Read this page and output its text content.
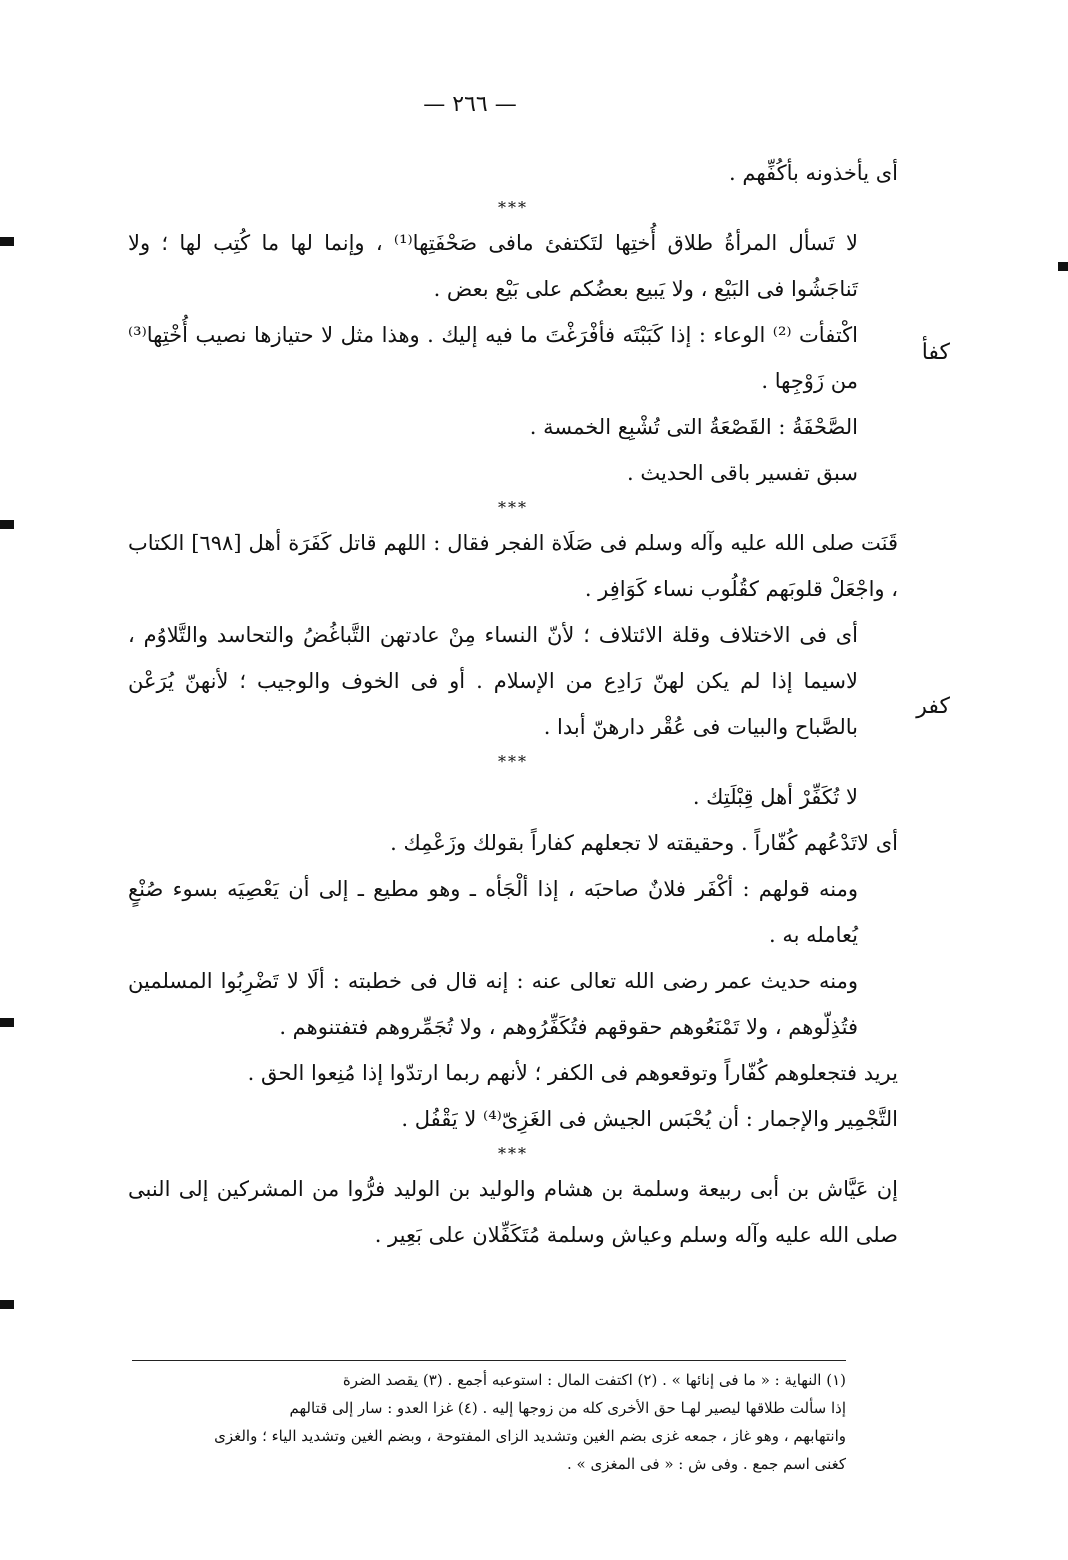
— ٢٦٦ —
كفأ
كفر

أى يأخذونه بأكُفِّهم .

***

لا تَسأل المرأةُ طلاق أُختِها لتَكتفئ مافى صَحْفَتِها⁽¹⁾ ، وإنما لها ما كُتِب لها ؛ ولا تَناجَشُوا فى البَيْع ، ولا يَبيع بعضُكم على بَيْع بعض .

اكْتفأت ⁽²⁾ الوعاء : إذا كَبَبْتَه فأفْرَغْتَ ما فيه إليك . وهذا مثل لا حتيازها نصيب أُخْتِها⁽³⁾ من زَوْجِها .

الصَّحْفَةُ : القَصْعَةُ التى تُشْبِع الخمسة .

سبق تفسير باقى الحديث .

***

قَنَت صلى الله عليه وآله وسلم فى صَلَاة الفجر فقال : اللهم قاتل كَفَرَة أهل [٦٩٨] الكتاب ، واجْعَلْ قلوبَهم كقُلُوب نساء كَوَافِر .

أى فى الاختلاف وقلة الائتلاف ؛ لأنّ النساء مِنْ عادتهن التَّباغُضُ والتحاسد والتَّلاوُم ، لاسيما إذا لم يكن لهنّ رَادِع من الإسلام . أو فى الخوف والوجيب ؛ لأنهنّ يُرَعْن بالصَّباح والبيات فى عُقْر دارهنّ أبدا .

***

لا تُكَفِّرْ أهل قِبْلَتِك .

أى لاتَدْعُهم كُفّاراً . وحقيقته لا تجعلهم كفاراً بقولك وزَعْمِك .

ومنه قولهم : أكْفَر فلانٌ صاحبَه ، إذا ألْجَأه ـ وهو مطيع ـ إلى أن يَعْصِيَه بسوء صُنْعٍ يُعامله به .

ومنه حديث عمر رضى الله تعالى عنه : إنه قال فى خطبته : ألَا لا تَضْرِبُوا المسلمين فتُذِلّوهم ، ولا تَمْنَعُوهم حقوقهم فتُكَفِّرُوهم ، ولا تُجَمِّروهم فتفتنوهم .

يريد فتجعلوهم كُفّاراً وتوقعوهم فى الكفر ؛ لأنهم ربما ارتدّوا إذا مُنِعوا الحق .

التَّجْمِير والإجمار : أن يُحْبَس الجيش فى الغَزِىّ⁽⁴⁾ لا يَقْفُل .

***

إن عَيَّاش بن أبى ربيعة وسلمة بن هشام والوليد بن الوليد فرُّوا من المشركين إلى النبى صلى الله عليه وآله وسلم وعياش وسلمة مُتَكَفِّلان على بَعِير .

(١) النهاية : « ما فى إنائها » . (٢) اكتفت المال : استوعبه أجمع . (٣) يقصد الضرة

إذا سألت طلاقها ليصير لهـا حق الأخرى كله من زوجها إليه . (٤) غزا العدو : سار إلى قتالهم

وانتهابهم ، وهو غاز ، جمعه غزى بضم الغين وتشديد الزاى المفتوحة ، وبضم الغين وتشديد الياء ؛ والغزى

كغنى اسم جمع . وفى ش : « فى المغزى » .
